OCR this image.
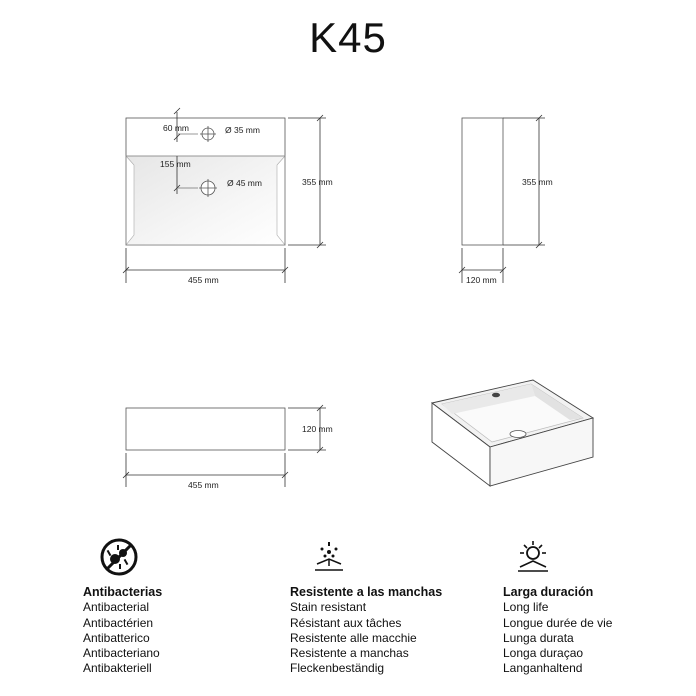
K45
60 mm	Ø 35 mm
155 mm
Ø 45 mm
455 mm
355 mm	355 mm
120 mm
120 mm
455 mm
Antibacterias
Antibacterial
Antibactérien
Antibatterico
Antibacteriano
Antibakteriell
Resistente a las manchas
Stain resistant
Résistant aux tâches
Resistente alle macchie
Resistente a manchas
Fleckenbeständig
Larga duración
Long life
Longue durée de vie
Lunga durata
Longa duraçao
Langanhaltend
